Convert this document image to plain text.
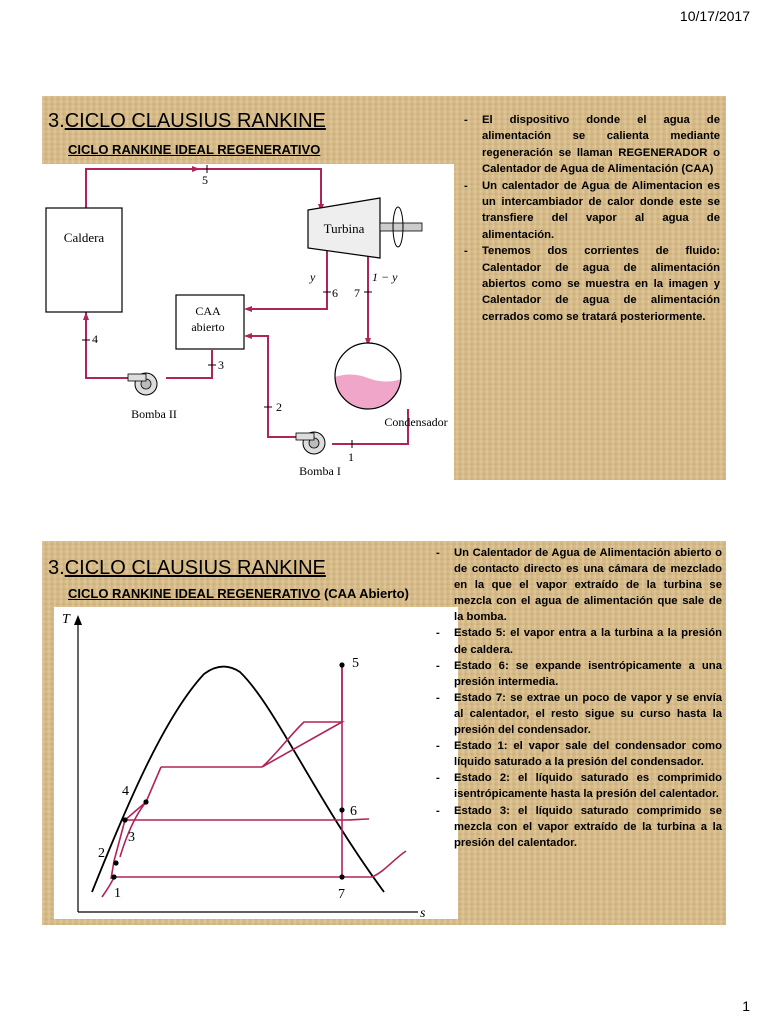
10/17/2017
3.CICLO CLAUSIUS RANKINE
CICLO RANKINE IDEAL REGENERATIVO
Caldera
Turbina
CAA
abierto
Condensador
Bomba II
Bomba I
5
6 7
4
3
2
1
y	1 − y
- El dispositivo donde el agua de alimentación se calienta mediante regeneración se llaman REGENERADOR o Calentador de Agua de Alimentación (CAA)
- Un calentador de Agua de Alimentacion es un intercambiador de calor donde este se transfiere del vapor al agua de alimentación.
- Tenemos dos corrientes de fluido: Calentador de agua de alimentación abiertos como se muestra en la imagen y Calentador de agua de alimentación cerrados como se tratará posteriormente.
3.CICLO CLAUSIUS RANKINE
CICLO RANKINE IDEAL REGENERATIVO (CAA Abierto)
T
s
1
2
3
4
5
6
7
- Un Calentador de Agua de Alimentación abierto o de contacto directo es una cámara de mezclado en la que el vapor extraído de la turbina se mezcla con el agua de alimentación que sale de la bomba.
- Estado 5: el vapor entra a la turbina a la presión de caldera.
- Estado 6: se expande isentrópicamente a una presión intermedia.
- Estado 7: se extrae un poco de vapor y se envía al calentador, el resto sigue su curso hasta la presión del condensador.
- Estado 1: el vapor sale del condensador como líquido saturado a la presión del condensador.
- Estado 2: el líquido saturado es comprimido isentrópicamente hasta la presión del calentador.
- Estado 3: el líquido saturado comprimido se mezcla con el vapor extraído de la turbina a la presión del calentador.
1
